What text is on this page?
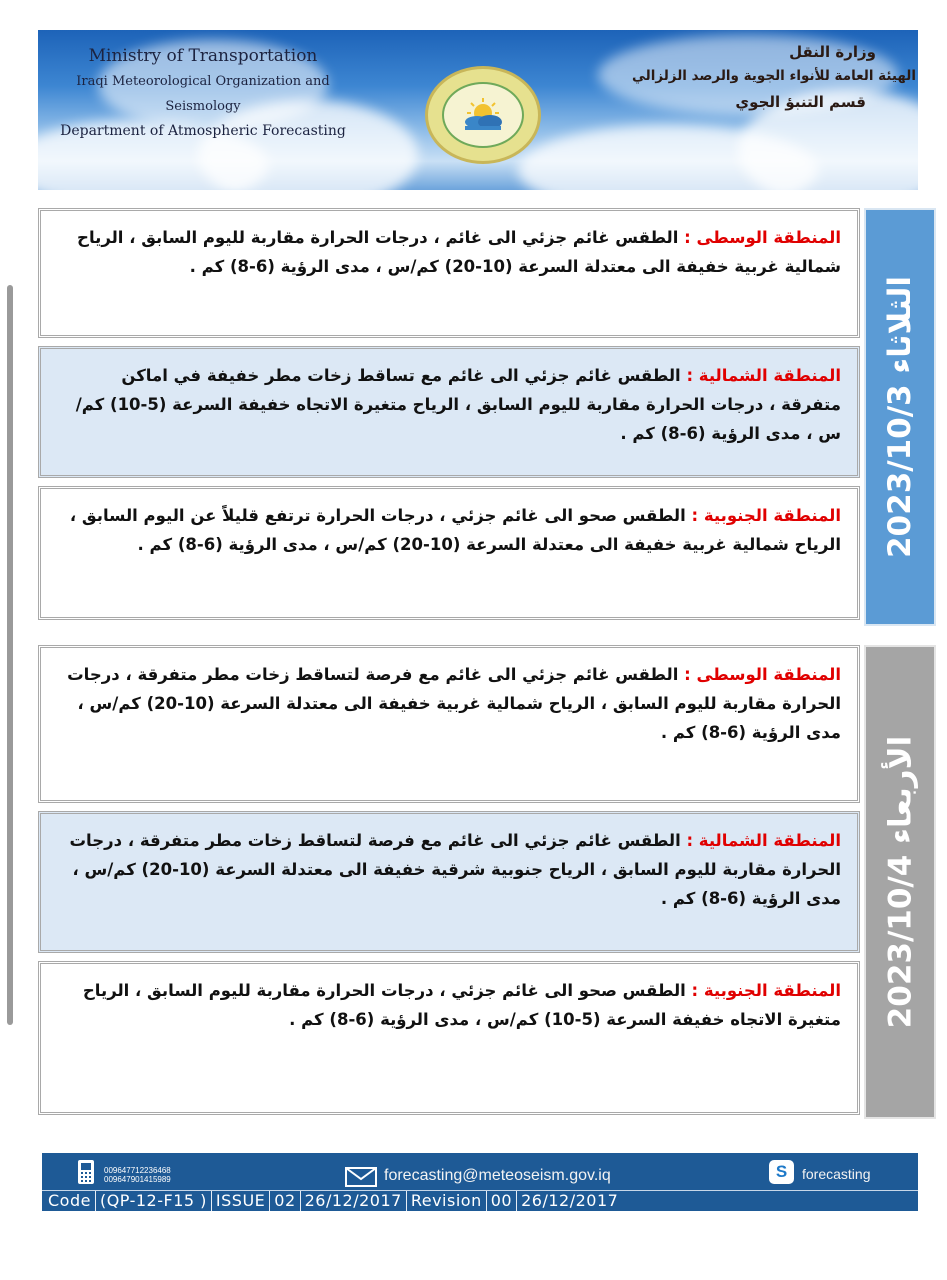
Ministry of Transportation
Iraqi Meteorological Organization and Seismology
Department of Atmospheric Forecasting
وزارة النقل
الهيئة العامة للأنواء الجوية والرصد الزلزالي
قسم التنبؤ الجوي
الثلاثاء 2023/10/3

المنطقة الوسطى : الطقس غائم جزئي الى غائم ، درجات الحرارة مقاربة لليوم السابق ، الرياح شمالية غربية خفيفة الى معتدلة السرعة (10-20) كم/س ، مدى الرؤية (6-8) كم .

المنطقة الشمالية : الطقس غائم جزئي الى غائم مع تساقط زخات مطر خفيفة في اماكن متفرقة ، درجات الحرارة مقاربة لليوم السابق ، الرياح متغيرة الاتجاه خفيفة السرعة (5-10) كم/س ، مدى الرؤية (6-8) كم .

المنطقة الجنوبية : الطقس صحو الى غائم جزئي ، درجات الحرارة ترتفع قليلاً عن اليوم السابق ، الرياح شمالية غربية خفيفة الى معتدلة السرعة (10-20) كم/س ، مدى الرؤية (6-8) كم .

الأربعاء 2023/10/4

المنطقة الوسطى : الطقس غائم جزئي الى غائم مع فرصة لتساقط زخات مطر متفرقة ، درجات الحرارة مقاربة لليوم السابق ، الرياح شمالية غربية خفيفة الى معتدلة السرعة (10-20) كم/س ، مدى الرؤية (6-8) كم .

المنطقة الشمالية : الطقس غائم جزئي الى غائم مع فرصة لتساقط زخات مطر متفرقة ، درجات الحرارة مقاربة لليوم السابق ، الرياح جنوبية شرقية خفيفة الى معتدلة السرعة (10-20) كم/س ، مدى الرؤية (6-8) كم .

المنطقة الجنوبية : الطقس صحو الى غائم جزئي ، درجات الحرارة مقاربة لليوم السابق ، الرياح متغيرة الاتجاه خفيفة السرعة (5-10) كم/س ، مدى الرؤية (6-8) كم .

009647712236468
009647901415989	forecasting@meteoseism.gov.iq	S	forecasting
Code (QP-12-F15 ) ISSUE 02 26/12/2017 Revision 00 26/12/2017
